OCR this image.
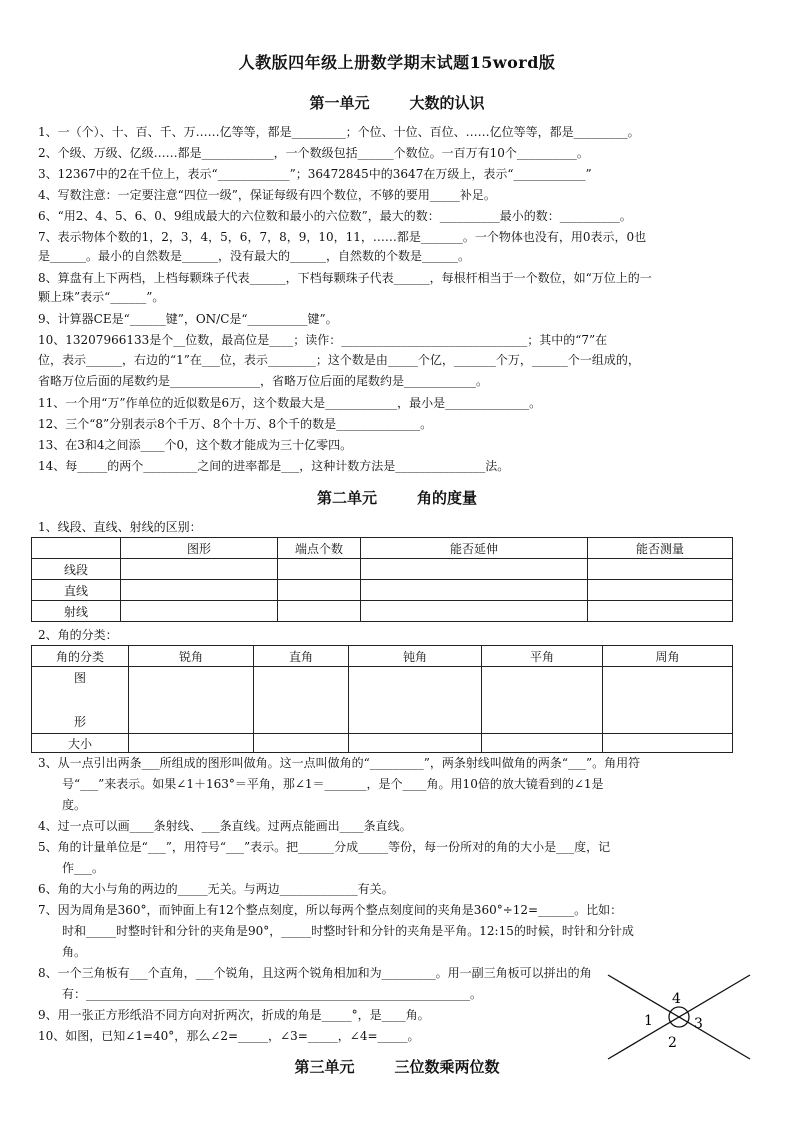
人教版四年级上册数学期末试题15word版
第一单元	大数的认识
1、一（个）、十、百、千、万……亿等等，都是_________；个位、十位、百位、……亿位等等，都是_________。
2、个级、万级、亿级……都是____________，一个数级包括______个数位。一百万有10个__________。
3、12367中的2在千位上，表示“____________”；36472845中的3647在万级上，表示“____________”
4、写数注意：一定要注意“四位一级”，保证每级有四个数位，不够的要用_____补足。
6、“用2、4、5、6、0、9组成最大的六位数和最小的六位数”，最大的数：__________最小的数：__________。
7、表示物体个数的1，2，3，4，5，6，7，8，9，10，11，……都是_______。一个物体也没有，用0表示，0也
是______。最小的自然数是______，没有最大的______，自然数的个数是______。
8、算盘有上下两档，上档每颗珠子代表______，下档每颗珠子代表______，每根杆相当于一个数位，如“万位上的一
颗上珠”表示“______”。
9、计算器CE是“______键”，ON/C是“__________键”。
10、13207966133是个__位数，最高位是____；读作：_______________________________；其中的“7”在
位，表示______，右边的“1”在___位，表示________；这个数是由_____个亿，_______个万，______个一组成的，
省略万位后面的尾数约是_______________，省略万位后面的尾数约是____________。
11、一个用“万”作单位的近似数是6万，这个数最大是____________，最小是______________。
12、三个“8”分别表示8个千万、8个十万、8个千的数是______________。
13、在3和4之间添____个0，这个数才能成为三十亿零四。
14、每_____的两个_________之间的进率都是___，这种计数方法是_______________法。
第二单元	角的度量
1、线段、直线、射线的区别：
	图形	端点个数	能否延伸	能否测量
线段				
直线				
射线				
2、角的分类：
角的分类	锐角	直角	钝角	平角	周角
图

形					
大小					
3、从一点引出两条___所组成的图形叫做角。这一点叫做角的“_________”，两条射线叫做角的两条“___”。角用符
号“___”来表示。如果∠1＋163°＝平角，那∠1＝_______，是个____角。用10倍的放大镜看到的∠1是
度。
4、过一点可以画____条射线、___条直线。过两点能画出____条直线。
5、角的计量单位是“___”，用符号“___”表示。把______分成_____等份，每一份所对的角的大小是___度，记
作___。
6、角的大小与角的两边的_____无关。与两边_____________有关。
7、因为周角是360°，而钟面上有12个整点刻度，所以每两个整点刻度间的夹角是360°÷12=______。比如：
时和_____时整时针和分针的夹角是90°，_____时整时针和分针的夹角是平角。12:15的时候，时针和分针成
角。
8、一个三角板有___个直角，___个锐角，且这两个锐角相加和为_________。用一副三角板可以拼出的角
有：________________________________________________________________。
9、用一张正方形纸沿不同方向对折两次，折成的角是_____°，是____角。
10、如图，已知∠1=40°，那么∠2=_____，∠3=_____，∠4=_____。
1
2
3
4
第三单元	三位数乘两位数
